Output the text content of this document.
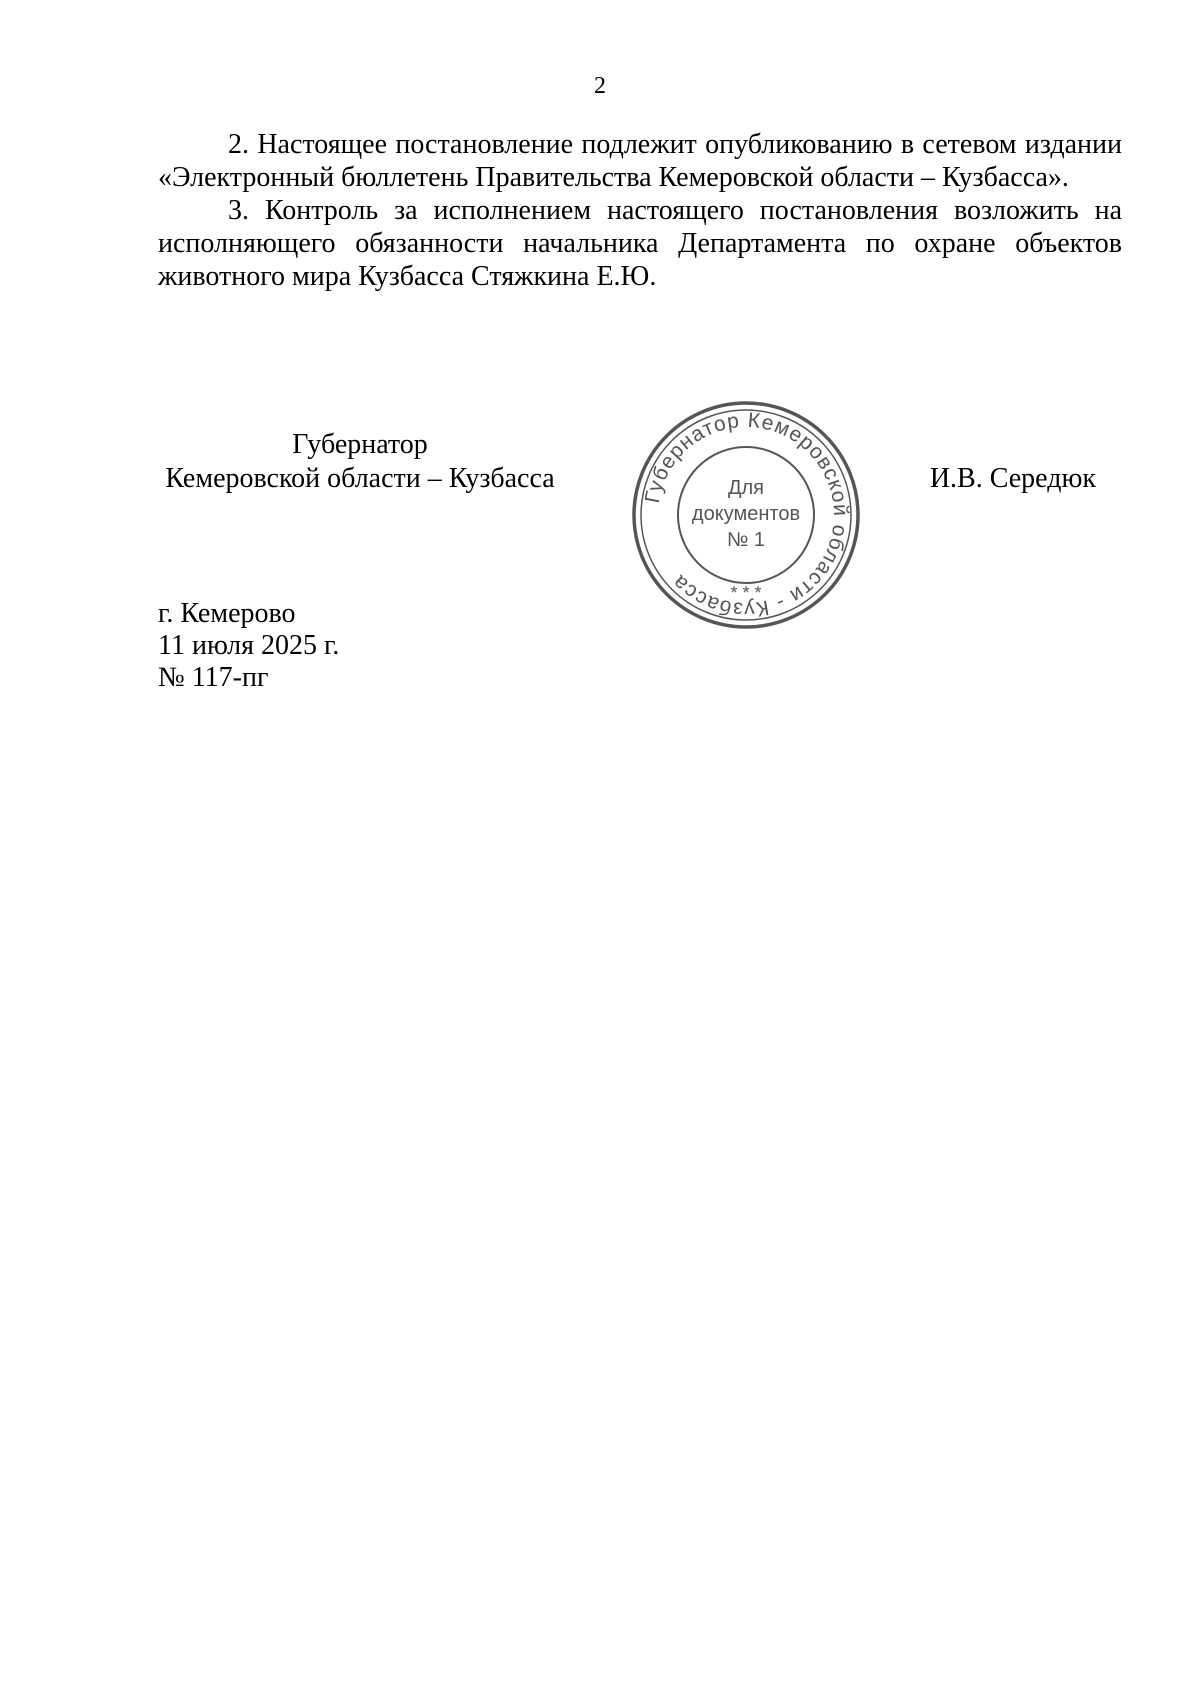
2

2. Настоящее постановление подлежит опубликованию в сетевом издании «Электронный бюллетень Правительства Кемеровской области – Кузбасса».

3. Контроль за исполнением настоящего постановления возложить на исполняющего обязанности начальника Департамента по охране объектов животного мира Кузбасса Стяжкина Е.Ю.

Губернатор
Кемеровской области – Кузбасса
Губернатор Кемеровской области - Кузбасса
Для
документов
№ 1
* * *
И.В. Середюк
г. Кемерово
11 июля 2025 г.
№ 117-пг
